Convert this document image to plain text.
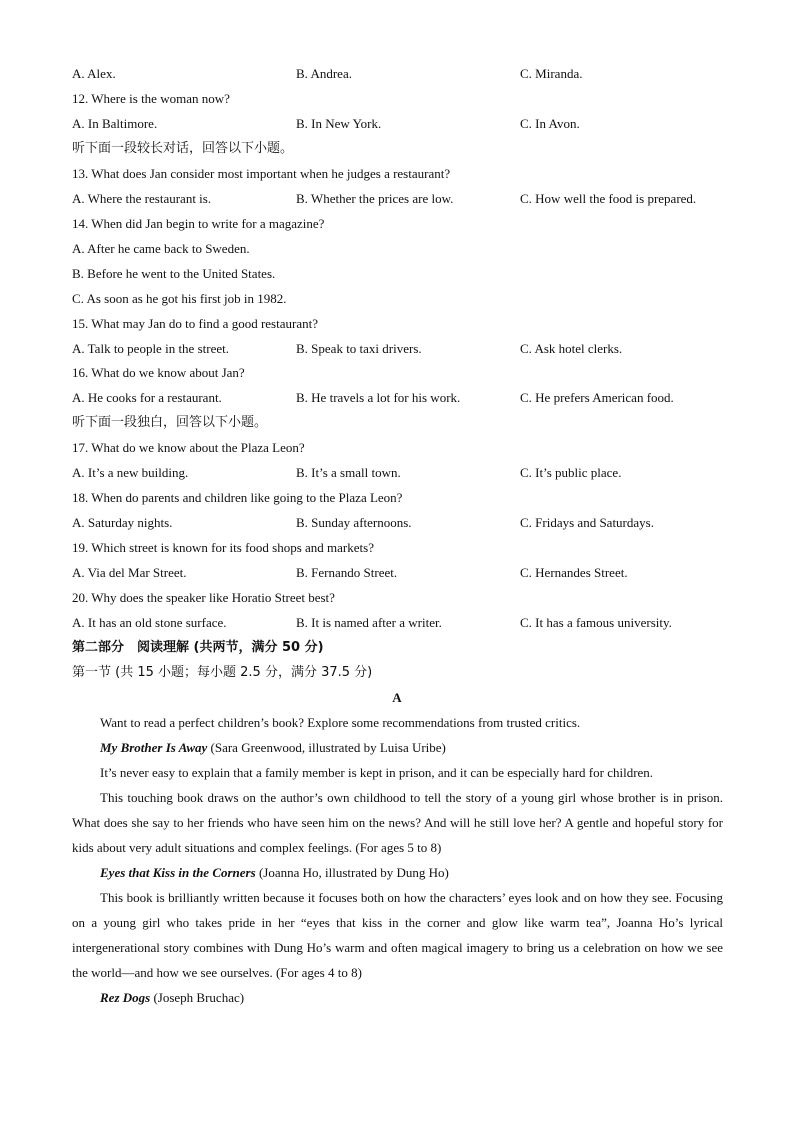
A. Alex.	B. Andrea.	C. Miranda.
12. Where is the woman now?
A. In Baltimore.	B. In New York.	C. In Avon.
听下面一段较长对话，回答以下小题。
13. What does Jan consider most important when he judges a restaurant?
A. Where the restaurant is.	B. Whether the prices are low.	C. How well the food is prepared.
14. When did Jan begin to write for a magazine?
A. After he came back to Sweden.
B. Before he went to the United States.
C. As soon as he got his first job in 1982.
15. What may Jan do to find a good restaurant?
A. Talk to people in the street.	B. Speak to taxi drivers.	C. Ask hotel clerks.
16. What do we know about Jan?
A. He cooks for a restaurant.	B. He travels a lot for his work.	C. He prefers American food.
听下面一段独白，回答以下小题。
17. What do we know about the Plaza Leon?
A. It’s a new building.	B. It’s a small town.	C. It’s public place.
18. When do parents and children like going to the Plaza Leon?
A. Saturday nights.	B. Sunday afternoons.	C. Fridays and Saturdays.
19. Which street is known for its food shops and markets?
A. Via del Mar Street.	B. Fernando Street.	C. Hernandes Street.
20. Why does the speaker like Horatio Street best?
A. It has an old stone surface.	B. It is named after a writer.	C. It has a famous university.
第二部分　阅读理解 (共两节，满分 50 分)
第一节 (共 15 小题；每小题 2.5 分，满分 37.5 分)
A
Want to read a perfect children’s book? Explore some recommendations from trusted critics.
My Brother Is Away (Sara Greenwood, illustrated by Luisa Uribe)
It’s never easy to explain that a family member is kept in prison, and it can be especially hard for children.
This touching book draws on the author’s own childhood to tell the story of a young girl whose brother is in prison. What does she say to her friends who have seen him on the news? And will he still love her? A gentle and hopeful story for kids about very adult situations and complex feelings. (For ages 5 to 8)
Eyes that Kiss in the Corners (Joanna Ho, illustrated by Dung Ho)
This book is brilliantly written because it focuses both on how the characters’ eyes look and on how they see. Focusing on a young girl who takes pride in her “eyes that kiss in the corner and glow like warm tea”, Joanna Ho’s lyrical intergenerational story combines with Dung Ho’s warm and often magical imagery to bring us a celebration on how we see the world—and how we see ourselves. (For ages 4 to 8)
Rez Dogs (Joseph Bruchac)
